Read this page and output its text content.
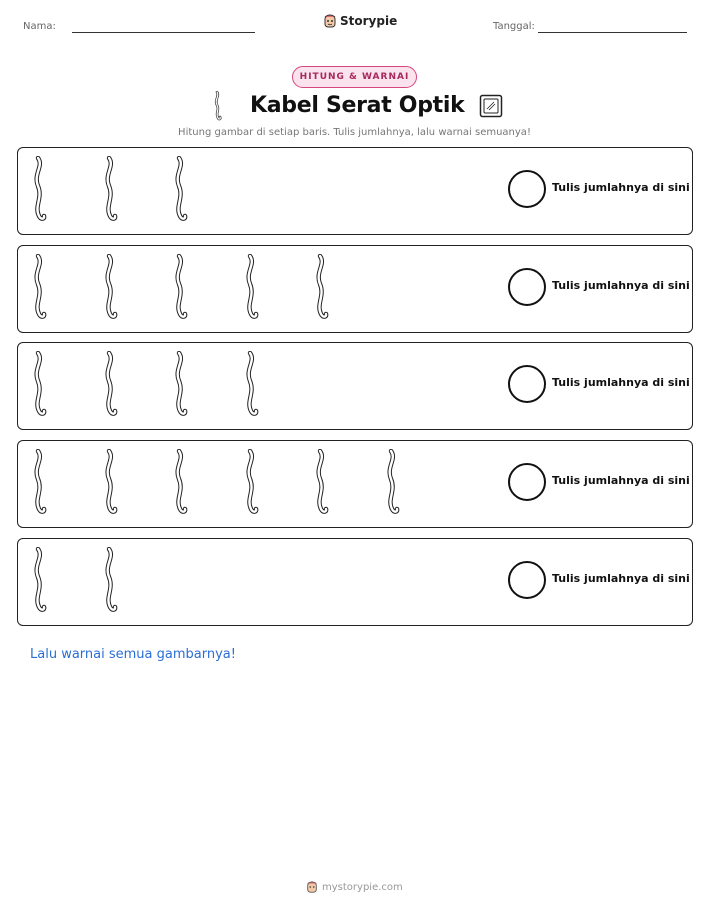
Nama:	Storypie	Tanggal:
HITUNG & WARNAI
Kabel Serat Optik
Hitung gambar di setiap baris. Tulis jumlahnya, lalu warnai semuanya!
Tulis jumlahnya di sini
Tulis jumlahnya di sini
Tulis jumlahnya di sini
Tulis jumlahnya di sini
Tulis jumlahnya di sini
Lalu warnai semua gambarnya!
mystorypie.com
